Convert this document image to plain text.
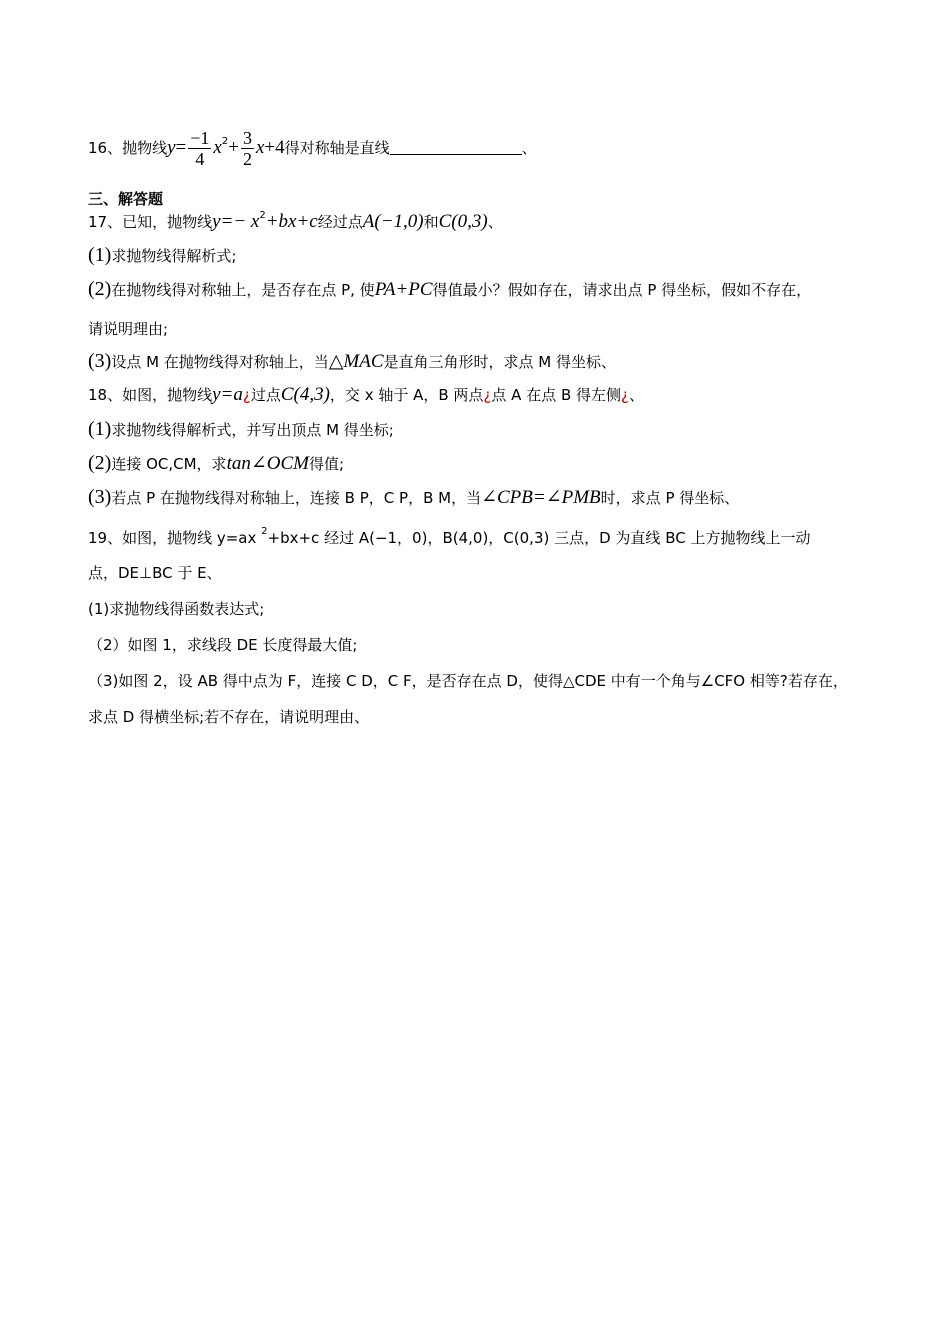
16、抛物线$y= \frac{-1}{4} x^2+ \frac{3}{2} x+4$得对称轴是直线	、
三、解答题
17、已知，抛物线$y=- x^2+bx+c$经过点A(−1,0)和C(0,3)、
(1)求抛物线得解析式;
(2)在抛物线得对称轴上，是否存在点 P, 使PA+PC得值最小？假如存在，请求出点 P 得坐标，假如不存在，
请说明理由;
(3)设点 M 在抛物线得对称轴上，当△MAC是直角三角形时，求点 M 得坐标、
18、如图，抛物线y=a¿过点C(4,3)，交 x 轴于 A，B 两点¿点 A 在点 B 得左侧¿、
(1)求抛物线得解析式，并写出顶点 M 得坐标;
(2)连接 OC,CM，求tan∠OCM得值;
(3)若点 P 在抛物线得对称轴上，连接 B P，C P，B M，当∠CPB=∠PMB时，求点 P 得坐标、
19、如图，抛物线 y=ax $^2$+bx+c 经过 A(−1，0)，B(4,0)，C(0,3) 三点，D 为直线 BC 上方抛物线上一动
点，DE⊥BC 于 E、
(1)求抛物线得函数表达式;
（2）如图 1，求线段 DE 长度得最大值;
（3)如图 2，设 AB 得中点为 F，连接 C D，C F，是否存在点 D，使得△CDE 中有一个角与∠CFO 相等?若存在，
求点 D 得横坐标;若不存在，请说明理由、
